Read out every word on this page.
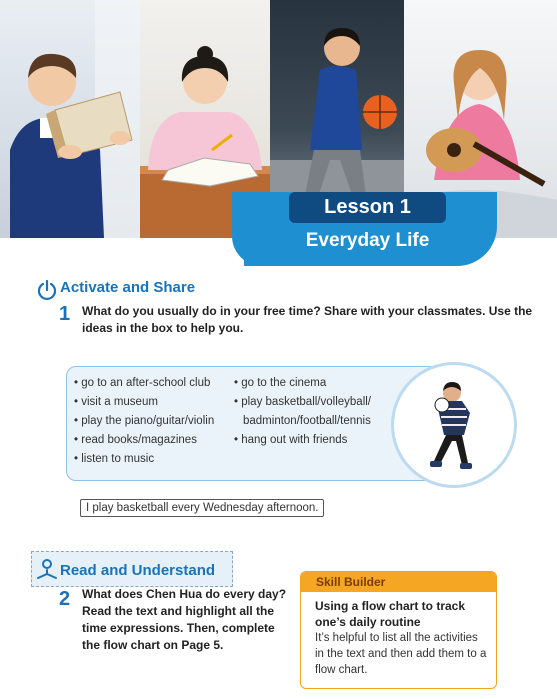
Lesson 1
Everyday Life
Activate and Share
1 What do you usually do in your free time? Share with your classmates. Use the
ideas in the box to help you.
• go to an after-school club
• visit a museum
• play the piano/guitar/violin
• read books/magazines
• listen to music
• go to the cinema
• play basketball/volleyball/
badminton/football/tennis
• hang out with friends
I play basketball every Wednesday afternoon.
Read and Understand
2 What does Chen Hua do every day?
Read the text and highlight all the
time expressions. Then, complete
the flow chart on Page 5.
Skill Builder
Using a flow chart to track
one’s daily routine
It’s helpful to list all the activities
in the text and then add them to a
flow chart.
